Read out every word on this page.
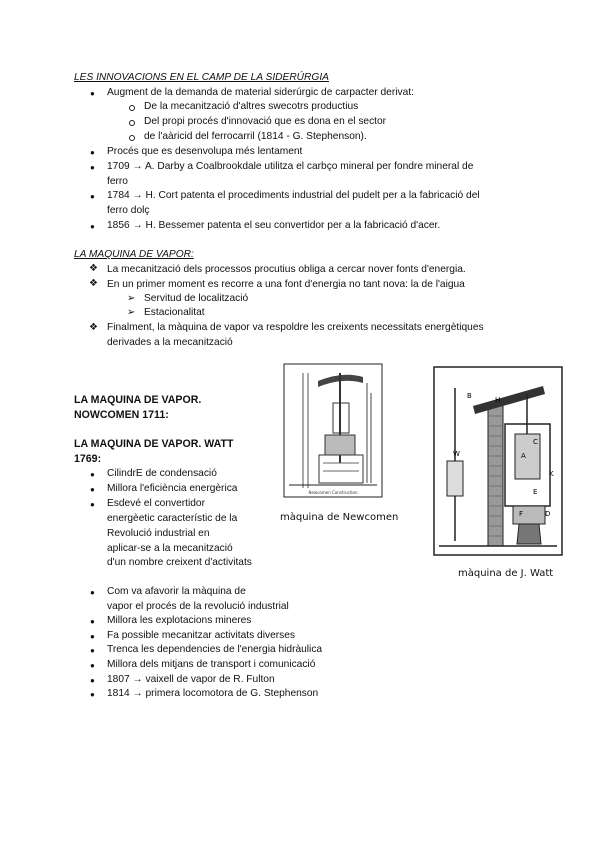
LES INNOVACIONS EN EL CAMP DE LA SIDERÚRGIA
● Augment de la demanda de material siderúrgic de carpacter derivat:
De la mecanització d'altres swecotrs productius
Del propi procés d'innovació que es dona en el sector
de l'aàricid del ferrocarril (1814 - G. Stephenson).
● Procés que es desenvolupa més lentament
● 1709 → A. Darby a Coalbrookdale utilitza el carbço mineral per fondre mineral de
ferro
● 1784 → H. Cort patenta el procediments industrial del pudelt per a la fabricació del
ferro dolç
● 1856 → H. Bessemer patenta el seu convertidor per a la fabricació d'acer.
LA MAQUINA DE VAPOR:
❖ La mecanització dels processos procutius obliga a cercar nover fonts d'energia.
❖ En un primer moment es recorre a una font d'energia no tant nova: la de l'aigua
➢ Servitud de localització
➢ Estacionalitat
❖ Finalment, la màquina de vapor va respoldre les creixents necessitats energètiques
derivades a la mecanització
LA MAQUINA DE VAPOR.
NOWCOMEN 1711:
LA MAQUINA DE VAPOR. WATT
1769:
● CilindrE de condensació
● Millora l'eficiència energèrica
● Esdevé el convertidor
energèetic característic de la
Revolució industrial en
aplicar-se a la mecanització
d'un nombre creixent d'activitats
● Com va afavorir la màquina de
vapor el procés de la revolució industrial
● Millora les explotacions mineres
● Fa possible mecanitzar activitats diverses
● Trenca les dependencies de l'energia hidràulica
● Millora dels mitjans de transport i comunicació
● 1807 → vaixell de vapor de R. Fulton
● 1814 → primera locomotora de G. Stephenson
Newcomen Construction
màquina de Newcomen
B
C
A
E
F	D
W
H
K
màquina de J. Watt
